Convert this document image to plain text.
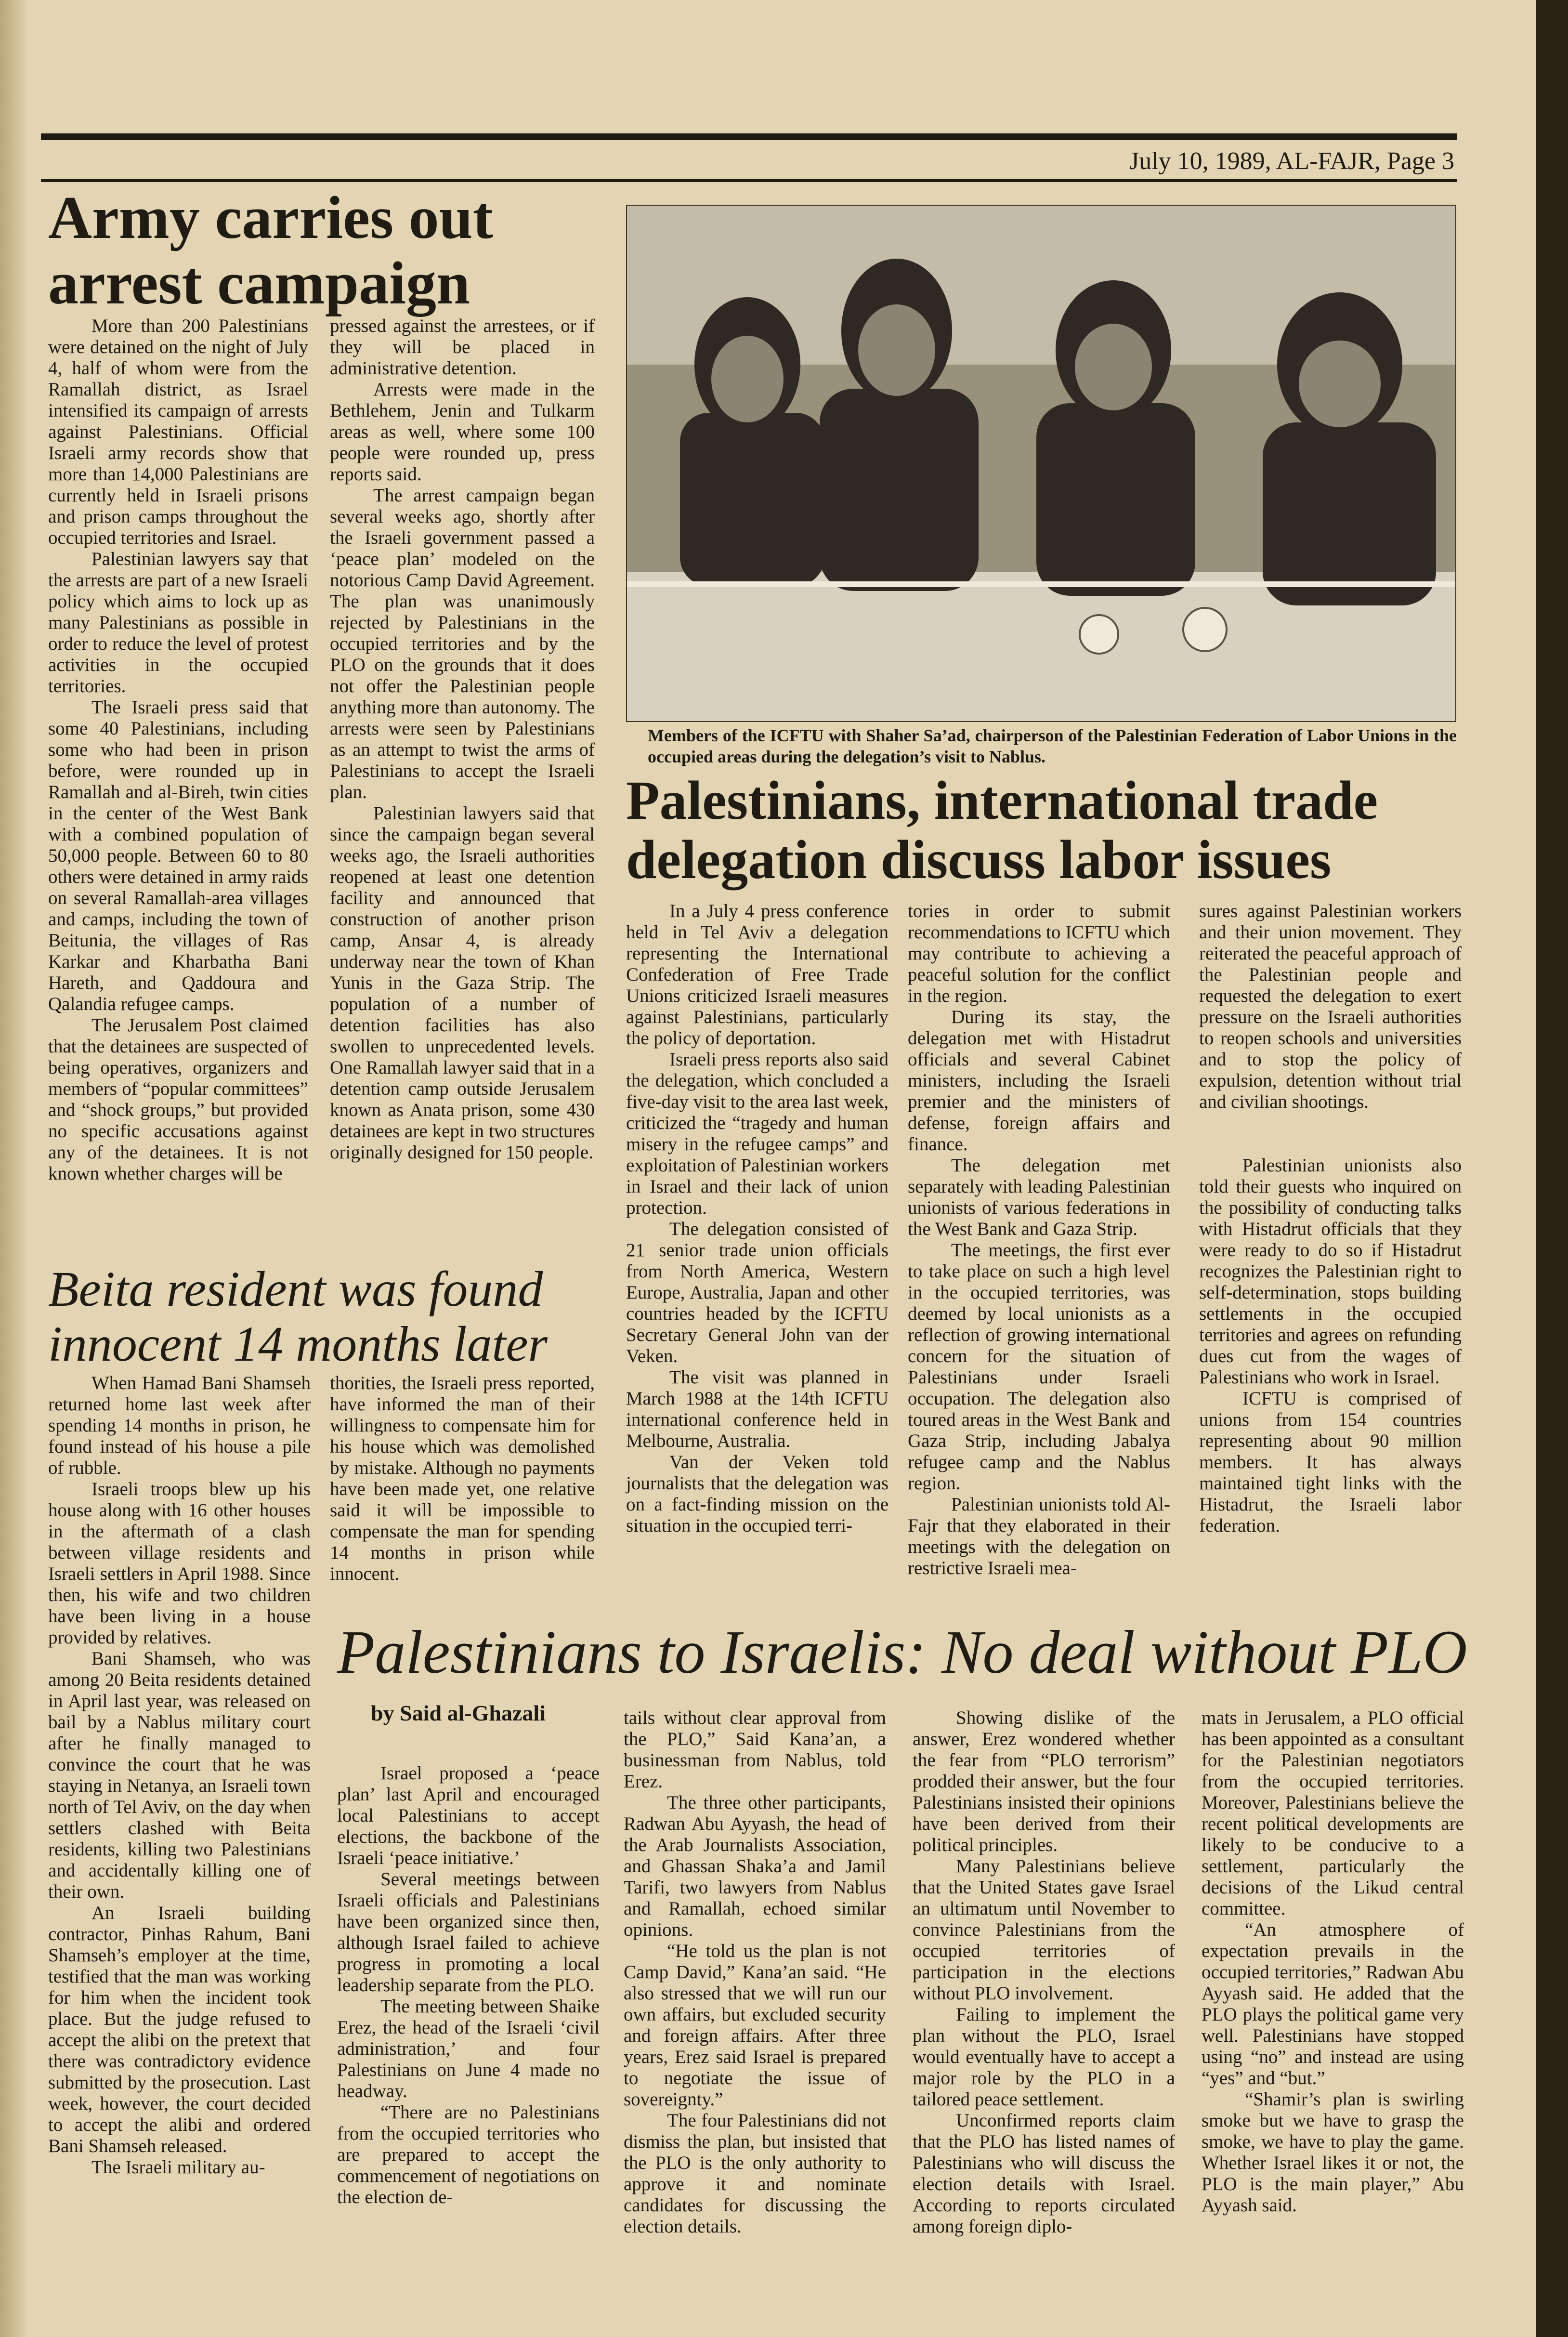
July 10, 1989, AL-FAJR, Page 3
Army carries out
arrest campaign

More than 200 Palestinians were detained on the night of July 4, half of whom were from the Ramallah district, as Israel intensified its campaign of arrests against Palestinians. Official Israeli army records show that more than 14,000 Palestinians are currently held in Israeli prisons and prison camps throughout the occupied territories and Israel.

Palestinian lawyers say that the arrests are part of a new Israeli policy which aims to lock up as many Palestinians as possible in order to reduce the level of protest activities in the occupied territories.

The Israeli press said that some 40 Palestinians, including some who had been in prison before, were rounded up in Ramallah and al-Bireh, twin cities in the center of the West Bank with a combined population of 50,000 people. Between 60 to 80 others were detained in army raids on several Ramallah-area villages and camps, including the town of Beitunia, the villages of Ras Karkar and Kharbatha Bani Hareth, and Qaddoura and Qalandia refugee camps.

The Jerusalem Post claimed that the detainees are suspected of being operatives, organizers and members of “popular committees” and “shock groups,” but provided no specific accusations against any of the detainees. It is not known whether charges will be

pressed against the arrestees, or if they will be placed in administrative detention.

Arrests were made in the Bethlehem, Jenin and Tulkarm areas as well, where some 100 people were rounded up, press reports said.

The arrest campaign began several weeks ago, shortly after the Israeli government passed a ‘peace plan’ modeled on the notorious Camp David Agreement. The plan was unanimously rejected by Palestinians in the occupied territories and by the PLO on the grounds that it does not offer the Palestinian people anything more than autonomy. The arrests were seen by Palestinians as an attempt to twist the arms of Palestinians to accept the Israeli plan.

Palestinian lawyers said that since the campaign began several weeks ago, the Israeli authorities reopened at least one detention facility and announced that construction of another prison camp, Ansar 4, is already underway near the town of Khan Yunis in the Gaza Strip. The population of a number of detention facilities has also swollen to unprecedented levels. One Ramallah lawyer said that in a detention camp outside Jerusalem known as Anata prison, some 430 detainees are kept in two structures originally designed for 150 people.

Beita resident was found
innocent 14 months later

When Hamad Bani Shamseh returned home last week after spending 14 months in prison, he found instead of his house a pile of rubble.

Israeli troops blew up his house along with 16 other houses in the aftermath of a clash between village residents and Israeli settlers in April 1988. Since then, his wife and two children have been living in a house provided by relatives.

Bani Shamseh, who was among 20 Beita residents detained in April last year, was released on bail by a Nablus military court after he finally managed to convince the court that he was staying in Netanya, an Israeli town north of Tel Aviv, on the day when settlers clashed with Beita residents, killing two Palestinians and accidentally killing one of their own.

An Israeli building contractor, Pinhas Rahum, Bani Shamseh’s employer at the time, testified that the man was working for him when the incident took place. But the judge refused to accept the alibi on the pretext that there was contradictory evidence submitted by the prosecution. Last week, however, the court decided to accept the alibi and ordered Bani Shamseh released.

The Israeli military au-

thorities, the Israeli press reported, have informed the man of their willingness to compensate him for his house which was demolished by mistake. Although no payments have been made yet, one relative said it will be impossible to compensate the man for spending 14 months in prison while innocent.

Members of the ICFTU with Shaher Sa’ad, chairperson of the Palestinian Federation of Labor Unions in the occupied areas during the delegation’s visit to Nablus.
Palestinians, international trade
delegation discuss labor issues

In a July 4 press conference held in Tel Aviv a delegation representing the International Confederation of Free Trade Unions criticized Israeli measures against Palestinians, particularly the policy of deportation.

Israeli press reports also said the delegation, which concluded a five-day visit to the area last week, criticized the “tragedy and human misery in the refugee camps” and exploitation of Palestinian workers in Israel and their lack of union protection.

The delegation consisted of 21 senior trade union officials from North America, Western Europe, Australia, Japan and other countries headed by the ICFTU Secretary General John van der Veken.

The visit was planned in March 1988 at the 14th ICFTU international conference held in Melbourne, Australia.

Van der Veken told journalists that the delegation was on a fact-finding mission on the situation in the occupied terri-

tories in order to submit recommendations to ICFTU which may contribute to achieving a peaceful solution for the conflict in the region.

During its stay, the delegation met with Histadrut officials and several Cabinet ministers, including the Israeli premier and the ministers of defense, foreign affairs and finance.

The delegation met separately with leading Palestinian unionists of various federations in the West Bank and Gaza Strip.

The meetings, the first ever to take place on such a high level in the occupied territories, was deemed by local unionists as a reflection of growing international concern for the situation of Palestinians under Israeli occupation. The delegation also toured areas in the West Bank and Gaza Strip, including Jabalya refugee camp and the Nablus region.

Palestinian unionists told Al-Fajr that they elaborated in their meetings with the delegation on restrictive Israeli mea-

sures against Palestinian workers and their union movement. They reiterated the peaceful approach of the Palestinian people and requested the delegation to exert pressure on the Israeli authorities to reopen schools and universities and to stop the policy of expulsion, detention without trial and civilian shootings.

Palestinian unionists also told their guests who inquired on the possibility of conducting talks with Histadrut officials that they were ready to do so if Histadrut recognizes the Palestinian right to self-determination, stops building settlements in the occupied territories and agrees on refunding dues cut from the wages of Palestinians who work in Israel.

ICFTU is comprised of unions from 154 countries representing about 90 million members. It has always maintained tight links with the Histadrut, the Israeli labor federation.

Palestinians to Israelis: No deal without PLO
by Said al-Ghazali

Israel proposed a ‘peace plan’ last April and encouraged local Palestinians to accept elections, the backbone of the Israeli ‘peace initiative.’

Several meetings between Israeli officials and Palestinians have been organized since then, although Israel failed to achieve progress in promoting a local leadership separate from the PLO.

The meeting between Shaike Erez, the head of the Israeli ‘civil administration,’ and four Palestinians on June 4 made no headway.

“There are no Palestinians from the occupied territories who are prepared to accept the commencement of negotiations on the election de-

tails without clear approval from the PLO,” Said Kana’an, a businessman from Nablus, told Erez.

The three other participants, Radwan Abu Ayyash, the head of the Arab Journalists Association, and Ghassan Shaka’a and Jamil Tarifi, two lawyers from Nablus and Ramallah, echoed similar opinions.

“He told us the plan is not Camp David,” Kana’an said. “He also stressed that we will run our own affairs, but excluded security and foreign affairs. After three years, Erez said Israel is prepared to negotiate the issue of sovereignty.”

The four Palestinians did not dismiss the plan, but insisted that the PLO is the only authority to approve it and nominate candidates for discussing the election details.

Showing dislike of the answer, Erez wondered whether the fear from “PLO terrorism” prodded their answer, but the four Palestinians insisted their opinions have been derived from their political principles.

Many Palestinians believe that the United States gave Israel an ultimatum until November to convince Palestinians from the occupied territories of participation in the elections without PLO involvement.

Failing to implement the plan without the PLO, Israel would eventually have to accept a major role by the PLO in a tailored peace settlement.

Unconfirmed reports claim that the PLO has listed names of Palestinians who will discuss the election details with Israel. According to reports circulated among foreign diplo-

mats in Jerusalem, a PLO official has been appointed as a consultant for the Palestinian negotiators from the occupied territories. Moreover, Palestinians believe the recent political developments are likely to be conducive to a settlement, particularly the decisions of the Likud central committee.

“An atmosphere of expectation prevails in the occupied territories,” Radwan Abu Ayyash said. He added that the PLO plays the political game very well. Palestinians have stopped using “no” and instead are using “yes” and “but.”

“Shamir’s plan is swirling smoke but we have to grasp the smoke, we have to play the game. Whether Israel likes it or not, the PLO is the main player,” Abu Ayyash said.
